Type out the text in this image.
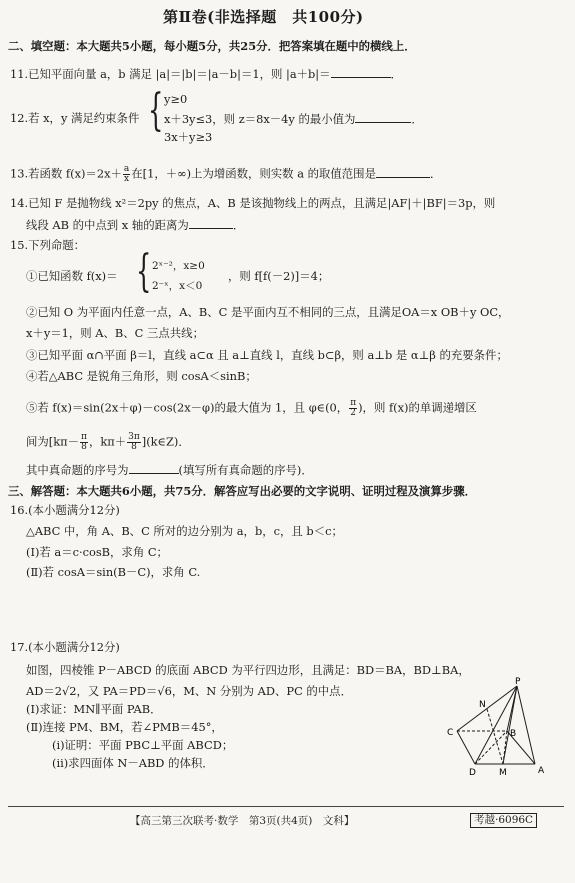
第Ⅱ卷(非选择题　共100分)
二、填空题：本大题共5小题，每小题5分，共25分．把答案填在题中的横线上．
11.已知平面向量 a，b 满足 |a|＝|b|＝|a－b|＝1，则 |a＋b|＝	．
12.若 x，y 满足约束条件 { y≥0
x＋3y≤3，则 z＝8x－4y 的最小值为	．
3x＋y≥3
13.若函数 $f(x)=2x+ \frac{a}{x}$ 在[1，＋∞)上为增函数，则实数 a 的取值范围是	．
14.已知 F 是抛物线 x²＝2py 的焦点，A、B 是该抛物线上的两点，且满足|AF|＋|BF|＝3p，则
线段 AB 的中点到 x 轴的距离为	．
15.下列命题：
①已知函数 f(x)＝ { 2ˣ⁻²，x≥0
2⁻ˣ，x＜0
，则 f[f(－2)]＝4；
②已知 O 为平面内任意一点，A、B、C 是平面内互不相同的三点，且满足OA＝x OB＋y OC，
x＋y＝1，则 A、B、C 三点共线；
③已知平面 α∩平面 β＝l，直线 a⊂α 且 a⊥直线 l，直线 b⊂β，则 a⊥b 是 α⊥β 的充要条件；
④若△ABC 是锐角三角形，则 cosA＜sinB；
⑤若 f(x)＝sin(2x＋φ)－cos(2x－φ)的最大值为 1，且 φ∈(0， $\frac{\pi}{2}$ )，则 f(x)的单调递增区
间为[$k\pi- \frac{\pi}{8}$ ，$k\pi+ \frac{3\pi}{8}$ ](k∈Z)．
其中真命题的序号为	(填写所有真命题的序号)．
三、解答题：本大题共6小题，共75分．解答应写出必要的文字说明、证明过程及演算步骤．
16.(本小题满分12分)
△ABC 中，角 A、B、C 所对的边分别为 a，b，c，且 b＜c；
(Ⅰ)若 a＝c·cosB，求角 C；
(Ⅱ)若 cosA＝sin(B－C)，求角 C.
17.(本小题满分12分)
如图，四棱锥 P－ABCD 的底面 ABCD 为平行四边形，且满足：BD＝BA，BD⊥BA，
AD＝2√2，又 PA＝PD＝√6，M、N 分别为 AD、PC 的中点．
(Ⅰ)求证：MN∥平面 PAB．
(Ⅱ)连接 PM、BM，若∠PMB＝45°，
(ⅰ)证明：平面 PBC⊥平面 ABCD；
(ⅱ)求四面体 N－ABD 的体积．
P
N
C	B
D	M	A
【高三第三次联考·数学　第3页(共4页)　文科】	考越·6096C
